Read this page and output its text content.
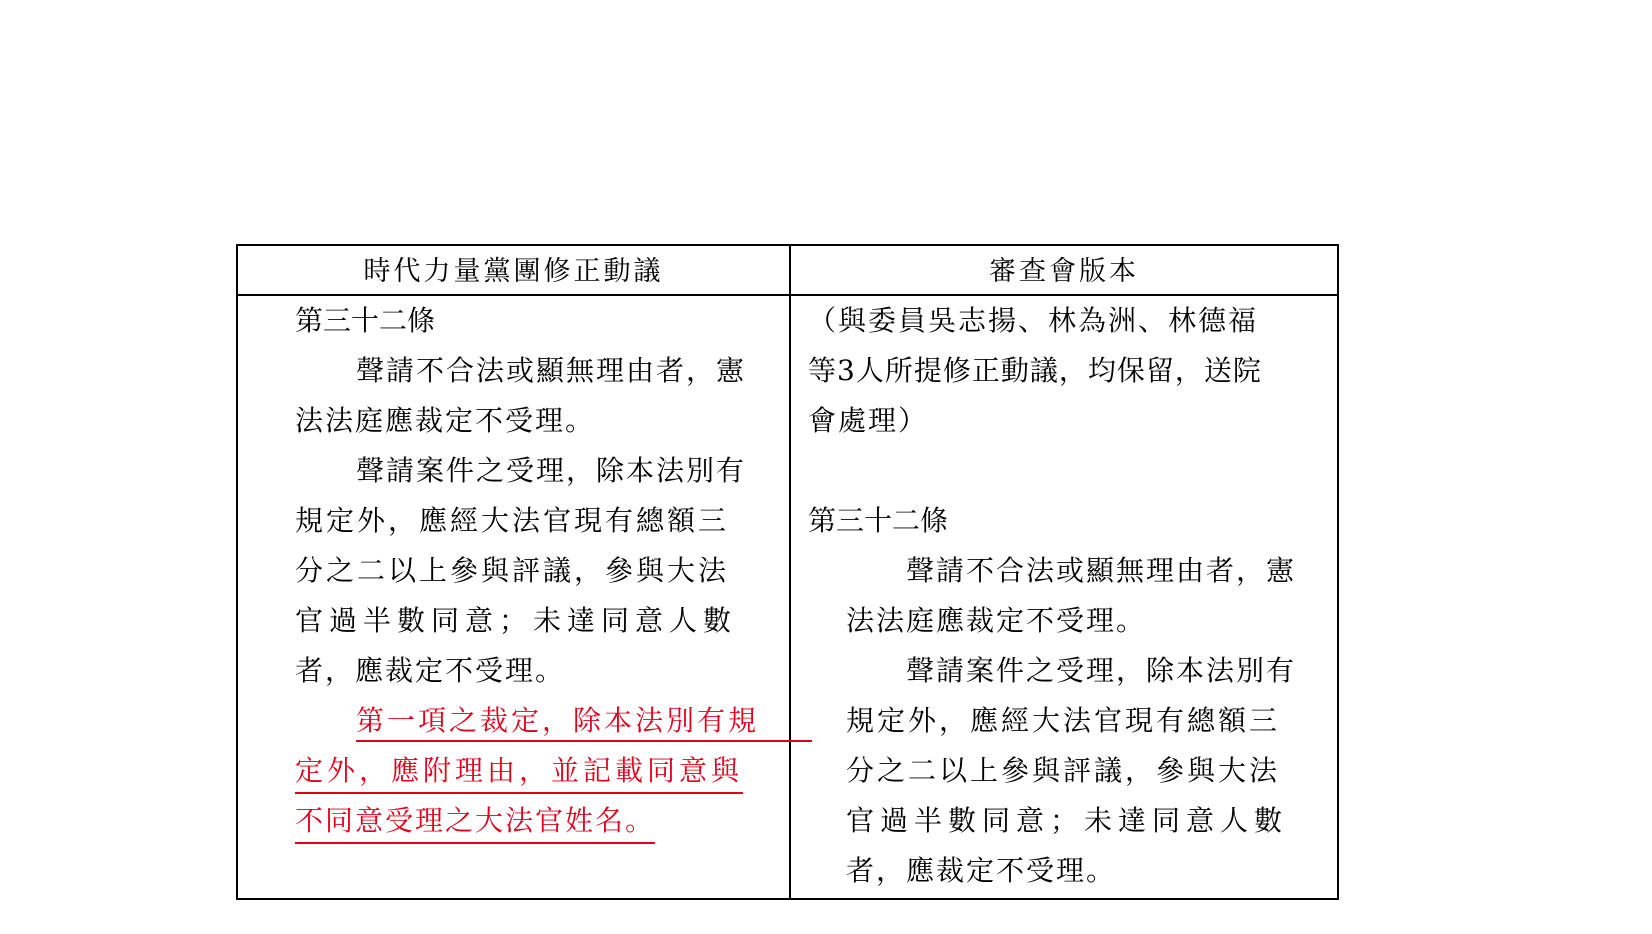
時代力量黨團修正動議	審查會版本
第三十二條
聲請不合法或顯無理由者，憲
法法庭應裁定不受理。
聲請案件之受理，除本法別有
規定外，應經大法官現有總額三
分之二以上參與評議，參與大法
官過半數同意；未達同意人數
者，應裁定不受理。
第一項之裁定，除本法別有規
定外，應附理由，並記載同意與
不同意受理之大法官姓名。
（與委員吳志揚、林為洲、林德福
等3人所提修正動議，均保留，送院
會處理）
第三十二條
聲請不合法或顯無理由者，憲
法法庭應裁定不受理。
聲請案件之受理，除本法別有
規定外，應經大法官現有總額三
分之二以上參與評議，參與大法
官過半數同意；未達同意人數
者，應裁定不受理。
